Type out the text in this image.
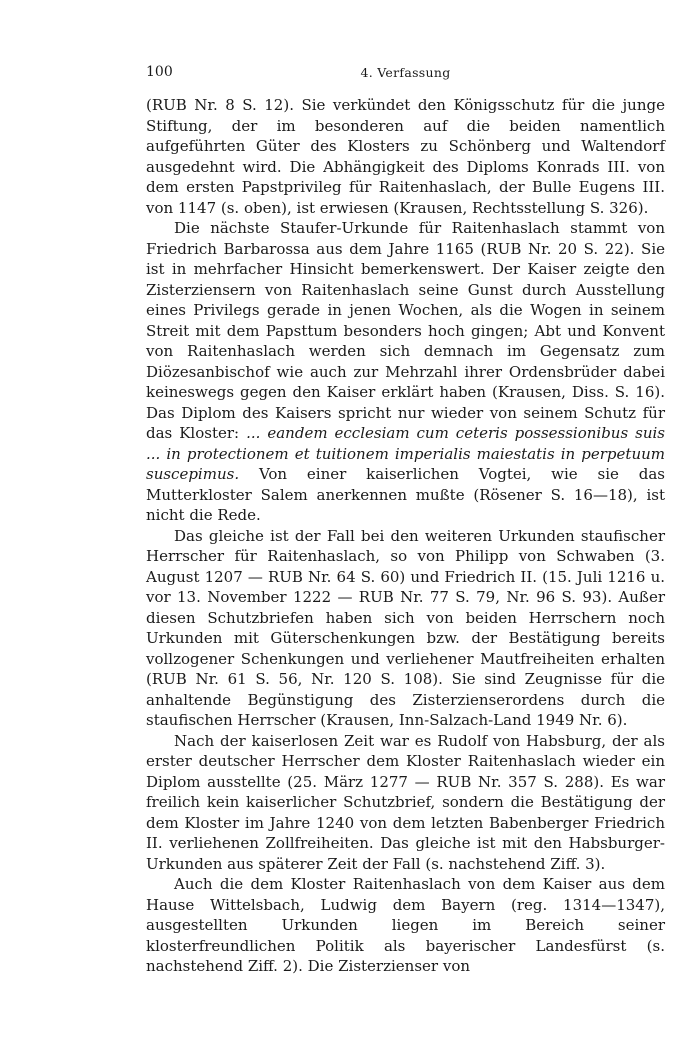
100	4. Verfassung

(RUB Nr. 8 S. 12). Sie verkündet den Königsschutz für die junge Stiftung, der im besonderen auf die beiden namentlich aufgeführten Güter des Klosters zu Schönberg und Waltendorf ausgedehnt wird. Die Abhängigkeit des Diploms Konrads III. von dem ersten Papstprivileg für Raitenhaslach, der Bulle Eugens III. von 1147 (s. oben), ist erwiesen (Krausen, Rechtsstellung S. 326).

Die nächste Staufer-Urkunde für Raitenhaslach stammt von Friedrich Barbarossa aus dem Jahre 1165 (RUB Nr. 20 S. 22). Sie ist in mehrfacher Hinsicht bemerkenswert. Der Kaiser zeigte den Zisterziensern von Raitenhaslach seine Gunst durch Ausstellung eines Privilegs gerade in jenen Wochen, als die Wogen in seinem Streit mit dem Papsttum besonders hoch gingen; Abt und Konvent von Raitenhaslach werden sich demnach im Gegensatz zum Diözesanbischof wie auch zur Mehrzahl ihrer Ordensbrüder dabei keineswegs gegen den Kaiser erklärt haben (Krausen, Diss. S. 16). Das Diplom des Kaisers spricht nur wieder von seinem Schutz für das Kloster: ... eandem ecclesiam cum ceteris possessionibus suis ... in protectionem et tuitionem imperialis maiestatis in perpetuum suscepimus. Von einer kaiserlichen Vogtei, wie sie das Mutterkloster Salem anerkennen mußte (Rösener S. 16—18), ist nicht die Rede.

Das gleiche ist der Fall bei den weiteren Urkunden staufischer Herrscher für Raitenhaslach, so von Philipp von Schwaben (3. August 1207 — RUB Nr. 64 S. 60) und Friedrich II. (15. Juli 1216 u. vor 13. November 1222 — RUB Nr. 77 S. 79, Nr. 96 S. 93). Außer diesen Schutzbriefen haben sich von beiden Herrschern noch Urkunden mit Güterschenkungen bzw. der Bestätigung bereits vollzogener Schenkungen und verliehener Mautfreiheiten erhalten (RUB Nr. 61 S. 56, Nr. 120 S. 108). Sie sind Zeugnisse für die anhaltende Begünstigung des Zisterzienserordens durch die staufischen Herrscher (Krausen, Inn-Salzach-Land 1949 Nr. 6).

Nach der kaiserlosen Zeit war es Rudolf von Habsburg, der als erster deutscher Herrscher dem Kloster Raitenhaslach wieder ein Diplom ausstellte (25. März 1277 — RUB Nr. 357 S. 288). Es war freilich kein kaiserlicher Schutzbrief, sondern die Bestätigung der dem Kloster im Jahre 1240 von dem letzten Babenberger Friedrich II. verliehenen Zollfreiheiten. Das gleiche ist mit den Habsburger-Urkunden aus späterer Zeit der Fall (s. nachstehend Ziff. 3).

Auch die dem Kloster Raitenhaslach von dem Kaiser aus dem Hause Wittelsbach, Ludwig dem Bayern (reg. 1314—1347), ausgestellten Urkunden liegen im Bereich seiner klosterfreundlichen Politik als bayerischer Landesfürst (s. nachstehend Ziff. 2). Die Zisterzienser von
